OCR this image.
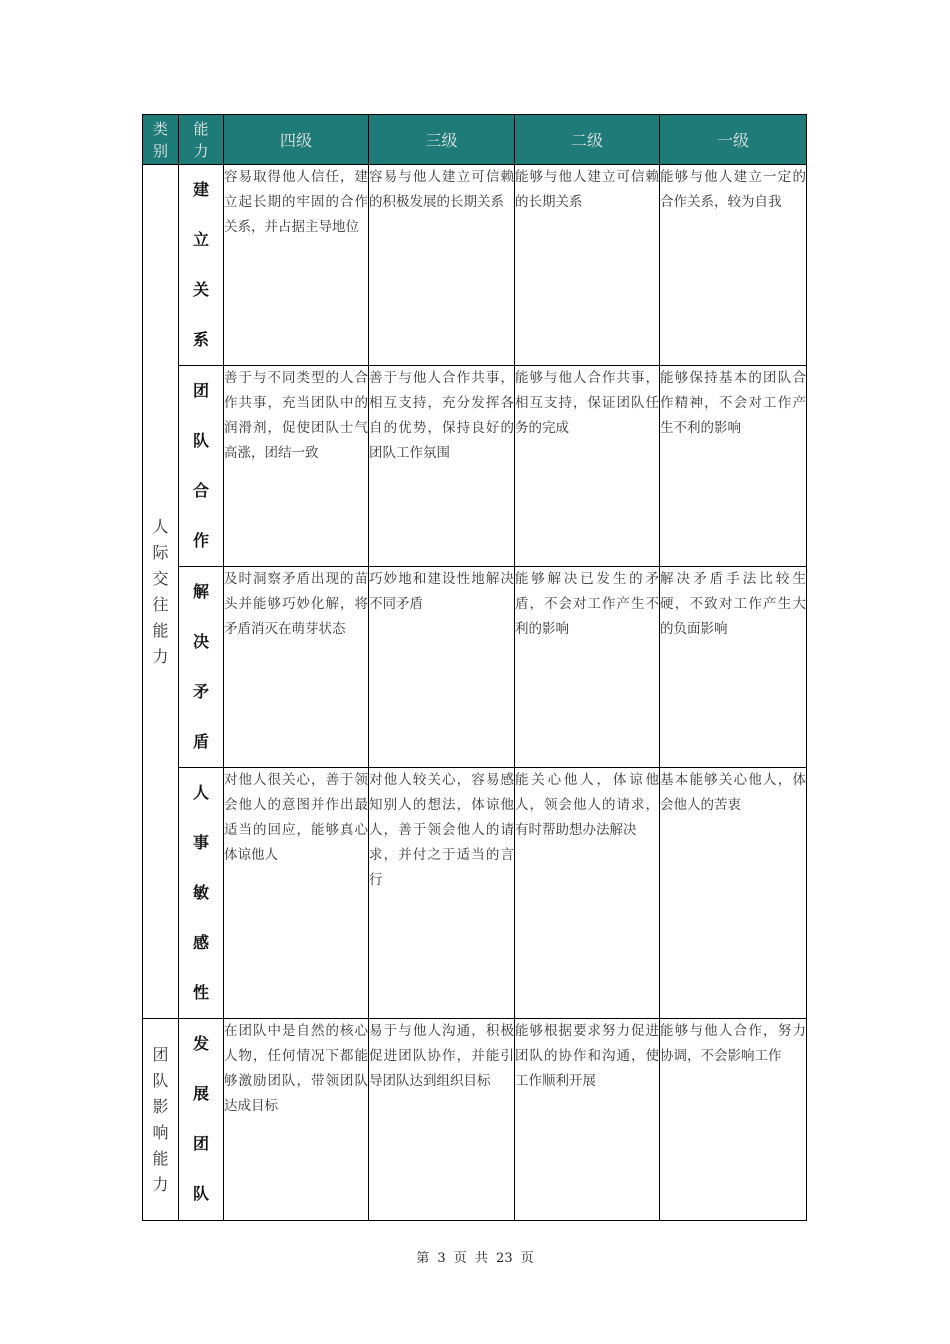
类别	能力	四级	三级	二级	一级
人际交往能力	建立关系	容易取得他人信任，建立起长期的牢固的合作关系，并占据主导地位	容易与他人建立可信赖的积极发展的长期关系	能够与他人建立可信赖的长期关系	能够与他人建立一定的合作关系，较为自我
	团队合作	善于与不同类型的人合作共事，充当团队中的润滑剂，促使团队士气高涨，团结一致	善于与他人合作共事，相互支持，充分发挥各自的优势，保持良好的团队工作氛围	能够与他人合作共事，相互支持，保证团队任务的完成	能够保持基本的团队合作精神，不会对工作产生不利的影响
	解决矛盾	及时洞察矛盾出现的苗头并能够巧妙化解，将矛盾消灭在萌芽状态	巧妙地和建设性地解决不同矛盾	能够解决已发生的矛盾，不会对工作产生不利的影响	解决矛盾手法比较生硬，不致对工作产生大的负面影响
	人事敏感性	对他人很关心，善于领会他人的意图并作出最适当的回应，能够真心体谅他人	对他人较关心，容易感知别人的想法，体谅他人，善于领会他人的请求，并付之于适当的言行	能关心他人，体谅他人，领会他人的请求，有时帮助想办法解决	基本能够关心他人，体会他人的苦衷
团队影响能力	发展团队	在团队中是自然的核心人物，任何情况下都能够激励团队，带领团队达成目标	易于与他人沟通，积极促进团队协作，并能引导团队达到组织目标	能够根据要求努力促进团队的协作和沟通，使工作顺利开展	能够与他人合作，努力协调，不会影响工作
第 3 页 共 23 页
